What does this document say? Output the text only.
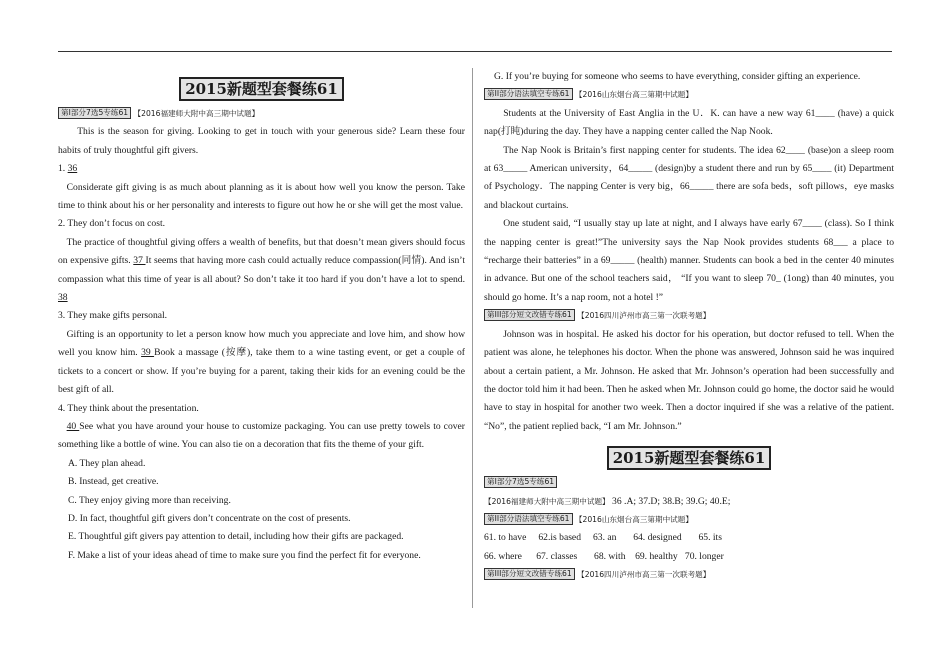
2015新题型套餐练61

第I部分7选5专练61 【2016福建师大附中高三期中试题】

This is the season for giving. Looking to get in touch with your generous side? Learn these four habits of truly thoughtful gift givers.

1. 36

Considerate gift giving is as much about planning as it is about how well you know the person. Take time to think about his or her personality and interests to figure out how he or she will get the most value.

2. They don’t focus on cost.

The practice of thoughtful giving offers a wealth of benefits, but that doesn’t mean givers should focus on expensive gifts. 37 It seems that having more cash could actually reduce compassion(同情). And isn’t compassion what this time of year is all about? So don’t take it too hard if you don’t have a lot to spend. 38

3. They make gifts personal.

Gifting is an opportunity to let a person know how much you appreciate and love him, and show how well you know him. 39 Book a massage (按摩), take them to a wine tasting event, or get a couple of tickets to a concert or show. If you’re buying for a parent, taking their kids for an evening could be the best gift of all.

4. They think about the presentation.

40 See what you have around your house to customize packaging. You can use pretty towels to cover something like a bottle of wine. You can also tie on a decoration that fits the theme of your gift.

A. They plan ahead.

B. Instead, get creative.

C. They enjoy giving more than receiving.

D. In fact, thoughtful gift givers don’t concentrate on the cost of presents.

E. Thoughtful gift givers pay attention to detail, including how their gifts are packaged.

F. Make a list of your ideas ahead of time to make sure you find the perfect fit for everyone.

G. If you’re buying for someone who seems to have everything, consider gifting an experience.

第II部分语法填空专练61 【2016山东烟台高三第期中试题】

Students at the University of East Anglia in the U．K. can have a new way 61____ (have) a quick nap(打盹)during the day. They have a napping center called the Nap Nook.

The Nap Nook is Britain’s first napping center for students. The idea 62____ (base)on a sleep room at 63_____ American university，64_____ (design)by a student there and run by 65____ (it) Department of Psychology．The napping Center is very big，66_____ there are sofa beds，soft pillows，eye masks and blackout curtains.

One student said, “I usually stay up late at night, and I always have early 67____ (class). So I think the napping center is great!”The university says the Nap Nook provides students 68___ a place to “recharge their batteries” in a 69_____ (health) manner. Students can book a bed in the center 40 minutes in advance. But one of the school teachers said， “If you want to sleep 70_ (1ong) than 40 minutes, you should go home. It’s a nap room, not a hotel !”

第III部分短文改错专练61 【2016四川泸州市高三第一次联考题】

Johnson was in hospital. He asked his doctor for his operation, but doctor refused to tell. When the patient was alone, he telephones his doctor. When the phone was answered, Johnson said he was inquired about a certain patient, a Mr. Johnson. He asked that Mr. Johnson’s operation had been successfully and the doctor told him it had been. Then he asked when Mr. Johnson could go home, the doctor said he would have to stay in hospital for another two week. Then a doctor inquired if she was a relative of the patient. “No”, the patient replied back, “I am Mr. Johnson.”

2015新题型套餐练61

第I部分7选5专练61

【2016福建师大附中高三期中试题】 36 .A; 37.D; 38.B; 39.G; 40.E;

第II部分语法填空专练61 【2016山东烟台高三第期中试题】

61. to have     62.is based     63. an       64. designed       65. its

66. where      67. classes       68. with    69. healthy   70. longer

第III部分短文改错专练61 【2016四川泸州市高三第一次联考题】
